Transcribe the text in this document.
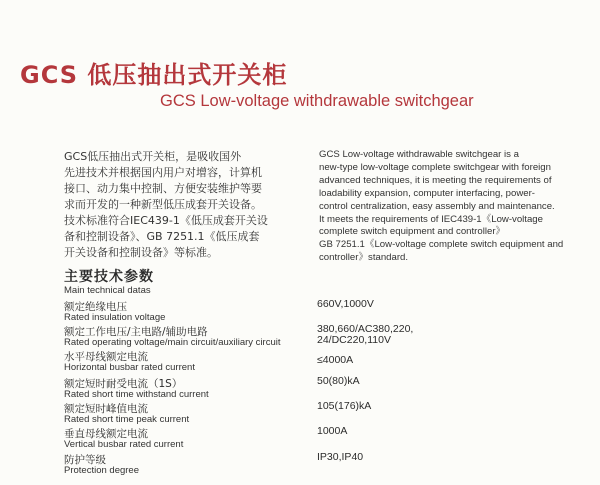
GCS 低压抽出式开关柜
GCS Low-voltage withdrawable switchgear
GCS低压抽出式开关柜，是吸收国外
先进技术并根据国内用户对增容，计算机
接口、动力集中控制、方便安装维护等要
求而开发的一种新型低压成套开关设备。
技术标准符合IEC439-1《低压成套开关设
备和控制设备》、GB 7251.1《低压成套
开关设备和控制设备》等标准。
GCS Low-voltage withdrawable switchgear is a
new-type low-voltage complete switchgear with foreign
advanced techniques, it is meeting the requirements of
loadability expansion, computer interfacing, power-
control centralization, easy assembly and maintenance.
It meets the requirements of IEC439-1《Low-voltage
complete switch equipment and controller》
GB 7251.1《Low-voltage complete switch equipment and
controller》standard.
主要技术参数
Main technical datas
额定绝缘电压
Rated insulation voltage
660V,1000V
额定工作电压/主电路/辅助电路
Rated operating voltage/main circuit/auxiliary circuit
380,660/AC380,220,
24/DC220,110V
水平母线额定电流
Horizontal busbar rated current
≤4000A
额定短时耐受电流（1S）
Rated short time withstand current
50(80)kA
额定短时峰值电流
Rated short time peak current
105(176)kA
垂直母线额定电流
Vertical busbar rated current
1000A
防护等级
Protection degree
IP30,IP40
